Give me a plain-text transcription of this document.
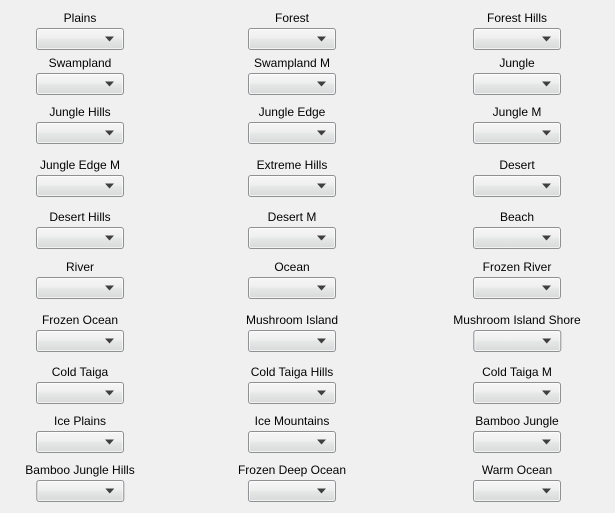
Plains	Forest	Forest Hills
Swampland	Swampland M	Jungle
Jungle Hills	Jungle Edge	Jungle M
Jungle Edge M	Extreme Hills	Desert
Desert Hills	Desert M	Beach
River	Ocean	Frozen River
Frozen Ocean	Mushroom Island	Mushroom Island Shore
Cold Taiga	Cold Taiga Hills	Cold Taiga M
Ice Plains	Ice Mountains	Bamboo Jungle
Bamboo Jungle Hills	Frozen Deep Ocean	Warm Ocean
